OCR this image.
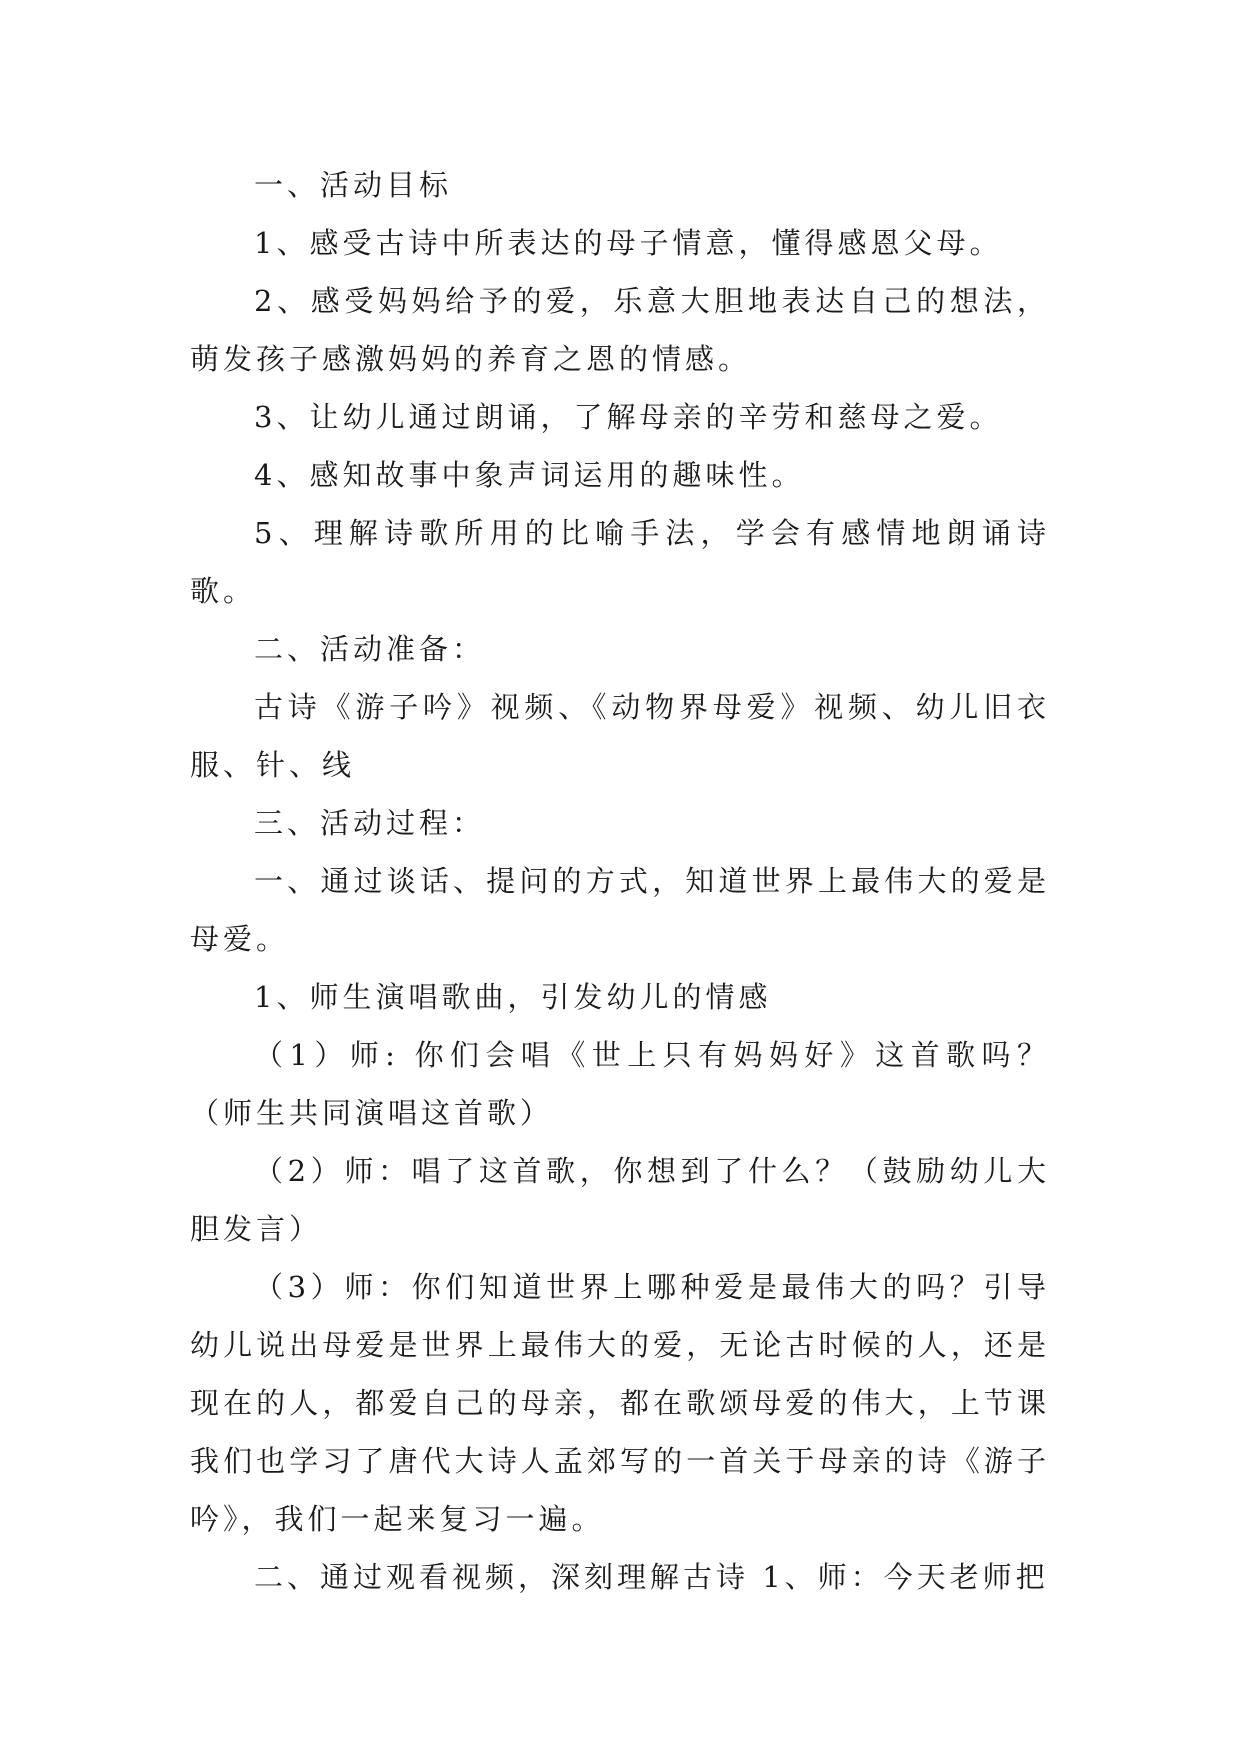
一、活动目标

1、感受古诗中所表达的母子情意，懂得感恩父母。

2、感受妈妈给予的爱，乐意大胆地表达自己的想法，萌发孩子感激妈妈的养育之恩的情感。

3、让幼儿通过朗诵，了解母亲的辛劳和慈母之爱。

4、感知故事中象声词运用的趣味性。

5、理解诗歌所用的比喻手法，学会有感情地朗诵诗歌。

二、活动准备：

古诗《游子吟》视频、《动物界母爱》视频、幼儿旧衣服、针、线

三、活动过程：

一、通过谈话、提问的方式，知道世界上最伟大的爱是母爱。

1、师生演唱歌曲，引发幼儿的情感

（1）师: 你们会唱《世上只有妈妈好》这首歌吗？（师生共同演唱这首歌）

（2）师：唱了这首歌，你想到了什么？（鼓励幼儿大胆发言）

（3）师：你们知道世界上哪种爱是最伟大的吗？引导幼儿说出母爱是世界上最伟大的爱，无论古时候的人，还是现在的人，都爱自己的母亲，都在歌颂母爱的伟大，上节课我们也学习了唐代大诗人孟郊写的一首关于母亲的诗《游子吟》，我们一起来复习一遍。

二、通过观看视频，深刻理解古诗 1、师：今天老师把
